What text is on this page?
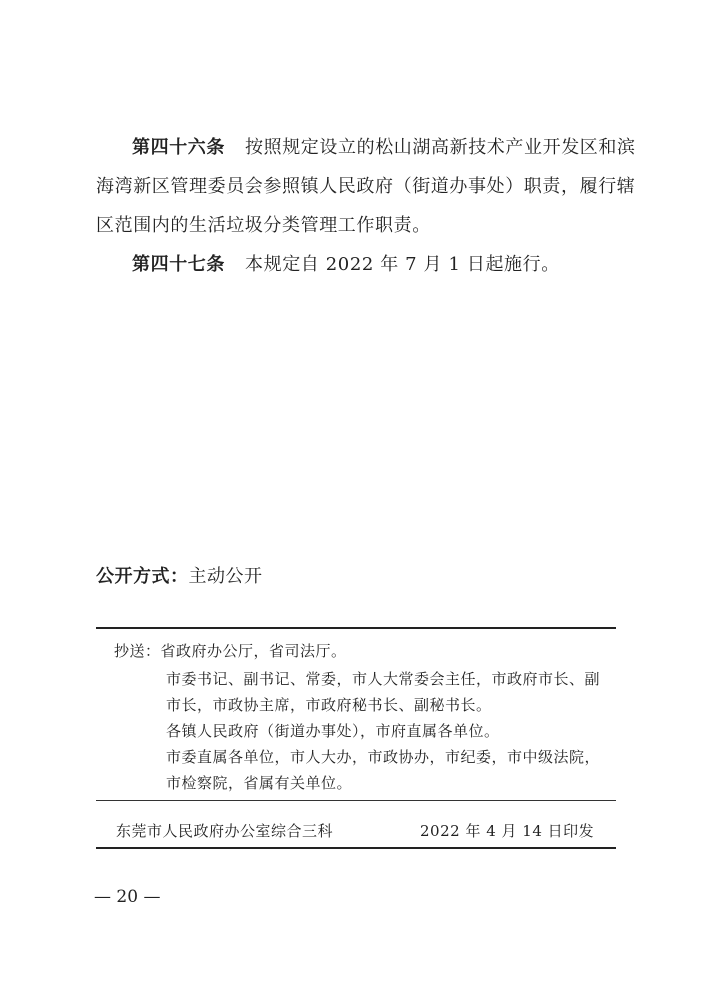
第四十六条 按照规定设立的松山湖高新技术产业开发区和滨
海湾新区管理委员会参照镇人民政府（街道办事处）职责，履行辖
区范围内的生活垃圾分类管理工作职责。
第四十七条 本规定自 2022 年 7 月 1 日起施行。
公开方式：主动公开
抄送：省政府办公厅，省司法厅。
市委书记、副书记、常委，市人大常委会主任，市政府市长、副
市长，市政协主席，市政府秘书长、副秘书长。
各镇人民政府（街道办事处），市府直属各单位。
市委直属各单位，市人大办，市政协办，市纪委，市中级法院，
市检察院，省属有关单位。
东莞市人民政府办公室综合三科	2022 年 4 月 14 日印发
— 20 —
